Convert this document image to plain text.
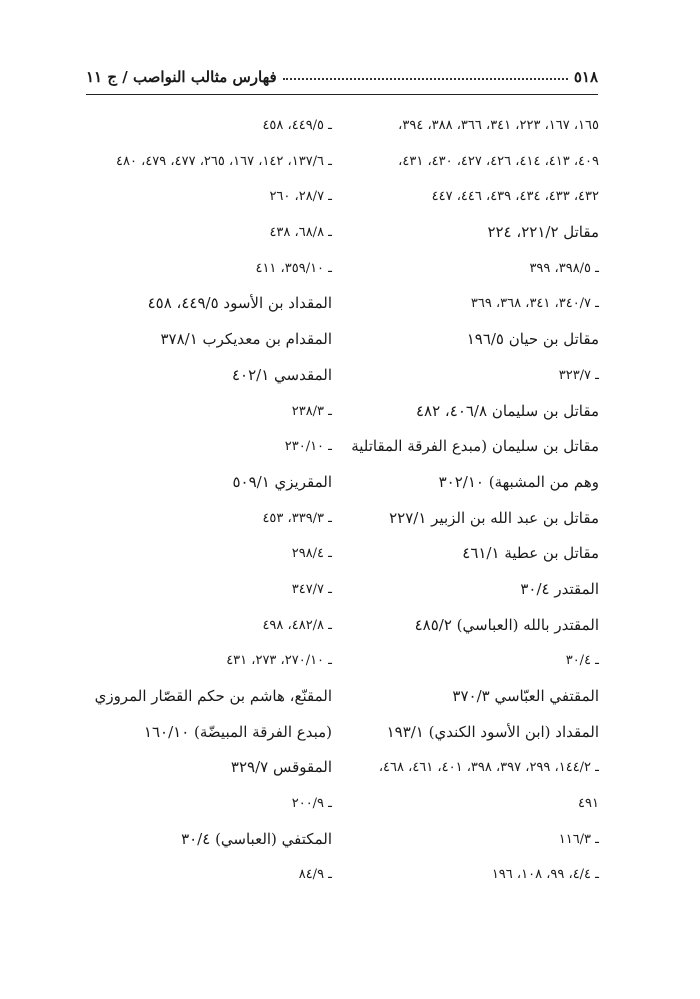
٥١٨
فهارس مثالب النواصب / ج ١١
١٦٥، ١٦٧، ٢٢٣، ٣٤١، ٣٦٦، ٣٨٨، ٣٩٤،
٤٠٩، ٤١٣، ٤١٤، ٤٢٦، ٤٢٧، ٤٣٠، ٤٣١،
٤٣٢، ٤٣٣، ٤٣٤، ٤٣٩، ٤٤٦، ٤٤٧
مقاتل ٢٢١/٢، ٢٢٤
ـ ٣٩٨/٥، ٣٩٩
ـ ٣٤٠/٧، ٣٤١، ٣٦٨، ٣٦٩
مقاتل بن حيان ١٩٦/٥
ـ ٣٢٣/٧
مقاتل بن سليمان ٤٠٦/٨، ٤٨٢
مقاتل بن سليمان (مبدع الفرقة المقاتلية
وهم من المشبهة) ٣٠٢/١٠
مقاتل بن عبد الله بن الزبير ٢٢٧/١
مقاتل بن عطية ٤٦١/١
المقتدر ٣٠/٤
المقتدر بالله (العباسي) ٤٨٥/٢
ـ ٣٠/٤
المقتفي العبّاسي ٣٧٠/٣
المقداد (ابن الأسود الكندي) ١٩٣/١
ـ ١٤٤/٢، ٢٩٩، ٣٩٧، ٣٩٨، ٤٠١، ٤٦١، ٤٦٨،
٤٩١
ـ ١١٦/٣
ـ ٤/٤، ٩٩، ١٠٨، ١٩٦
ـ ٤٤٩/٥، ٤٥٨
ـ ١٣٧/٦، ١٤٢، ١٦٧، ٢٦٥، ٤٧٧، ٤٧٩، ٤٨٠
ـ ٢٨/٧، ٢٦٠
ـ ٦٨/٨، ٤٣٨
ـ ٣٥٩/١٠، ٤١١
المقداد بن الأسود ٤٤٩/٥، ٤٥٨
المقدام بن معديكرب ٣٧٨/١
المقدسي ٤٠٢/١
ـ ٢٣٨/٣
ـ ٢٣٠/١٠
المقريزي ٥٠٩/١
ـ ٣٣٩/٣، ٤٥٣
ـ ٢٩٨/٤
ـ ٣٤٧/٧
ـ ٤٨٢/٨، ٤٩٨
ـ ٢٧٠/١٠، ٢٧٣، ٤٣١
المقنّع، هاشم بن حكم القصّار المروزي
(مبدع الفرقة المبيضّة) ١٦٠/١٠
المقوقس ٣٢٩/٧
ـ ٢٠٠/٩
المكتفي (العباسي) ٣٠/٤
ـ ٨٤/٩
